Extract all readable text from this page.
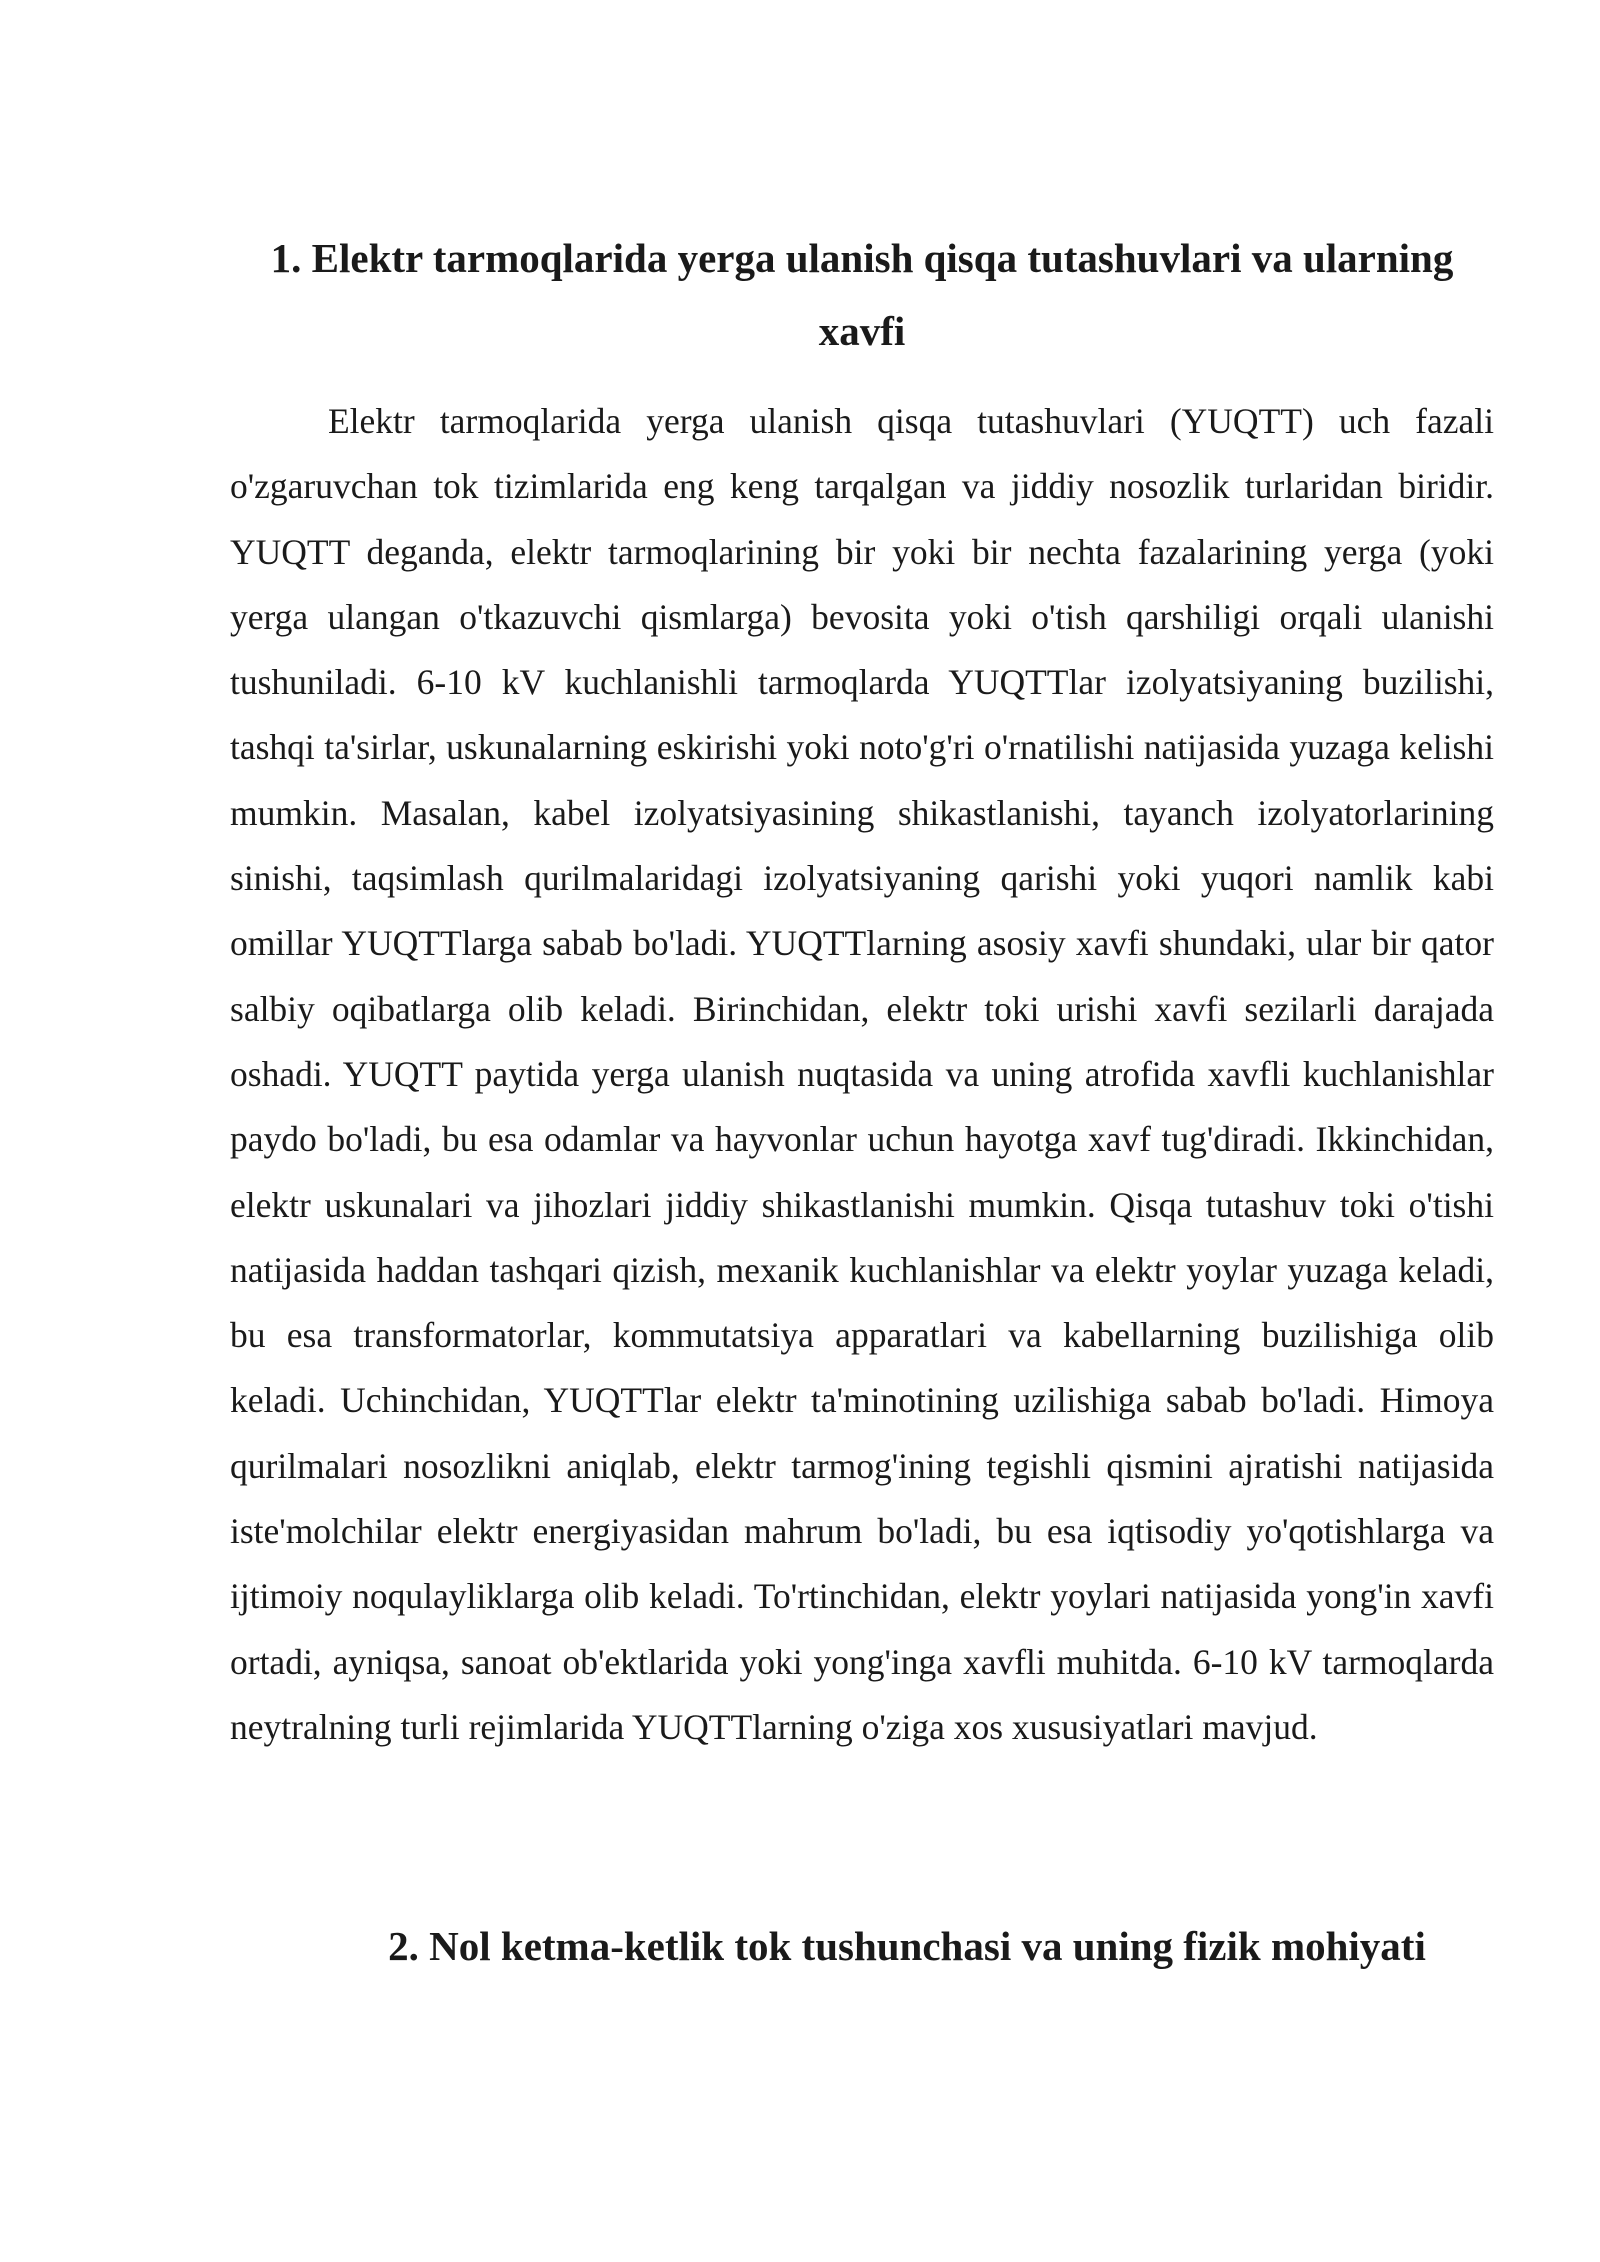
1. Elektr tarmoqlarida yerga ulanish qisqa tutashuvlari va ularning xavfi

Elektr tarmoqlarida yerga ulanish qisqa tutashuvlari (YUQTT) uch fazali o'zgaruvchan tok tizimlarida eng keng tarqalgan va jiddiy nosozlik turlaridan biridir. YUQTT deganda, elektr tarmoqlarining bir yoki bir nechta fazalarining yerga (yoki yerga ulangan o'tkazuvchi qismlarga) bevosita yoki o'tish qarshiligi orqali ulanishi tushuniladi. 6-10 kV kuchlanishli tarmoqlarda YUQTTlar izolyatsiyaning buzilishi, tashqi ta'sirlar, uskunalarning eskirishi yoki noto'g'ri o'rnatilishi natijasida yuzaga kelishi mumkin. Masalan, kabel izolyatsiyasining shikastlanishi, tayanch izolyatorlarining sinishi, taqsimlash qurilmalaridagi izolyatsiyaning qarishi yoki yuqori namlik kabi omillar YUQTTlarga sabab bo'ladi. YUQTTlarning asosiy xavfi shundaki, ular bir qator salbiy oqibatlarga olib keladi. Birinchidan, elektr toki urishi xavfi sezilarli darajada oshadi. YUQTT paytida yerga ulanish nuqtasida va uning atrofida xavfli kuchlanishlar paydo bo'ladi, bu esa odamlar va hayvonlar uchun hayotga xavf tug'diradi. Ikkinchidan, elektr uskunalari va jihozlari jiddiy shikastlanishi mumkin. Qisqa tutashuv toki o'tishi natijasida haddan tashqari qizish, mexanik kuchlanishlar va elektr yoylar yuzaga keladi, bu esa transformatorlar, kommutatsiya apparatlari va kabellarning buzilishiga olib keladi. Uchinchidan, YUQTTlar elektr ta'minotining uzilishiga sabab bo'ladi. Himoya qurilmalari nosozlikni aniqlab, elektr tarmog'ining tegishli qismini ajratishi natijasida iste'molchilar elektr energiyasidan mahrum bo'ladi, bu esa iqtisodiy yo'qotishlarga va ijtimoiy noqulayliklarga olib keladi. To'rtinchidan, elektr yoylari natijasida yong'in xavfi ortadi, ayniqsa, sanoat ob'ektlarida yoki yong'inga xavfli muhitda. 6-10 kV tarmoqlarda neytralning turli rejimlarida YUQTTlarning o'ziga xos xususiyatlari mavjud.

2. Nol ketma-ketlik tok tushunchasi va uning fizik mohiyati
